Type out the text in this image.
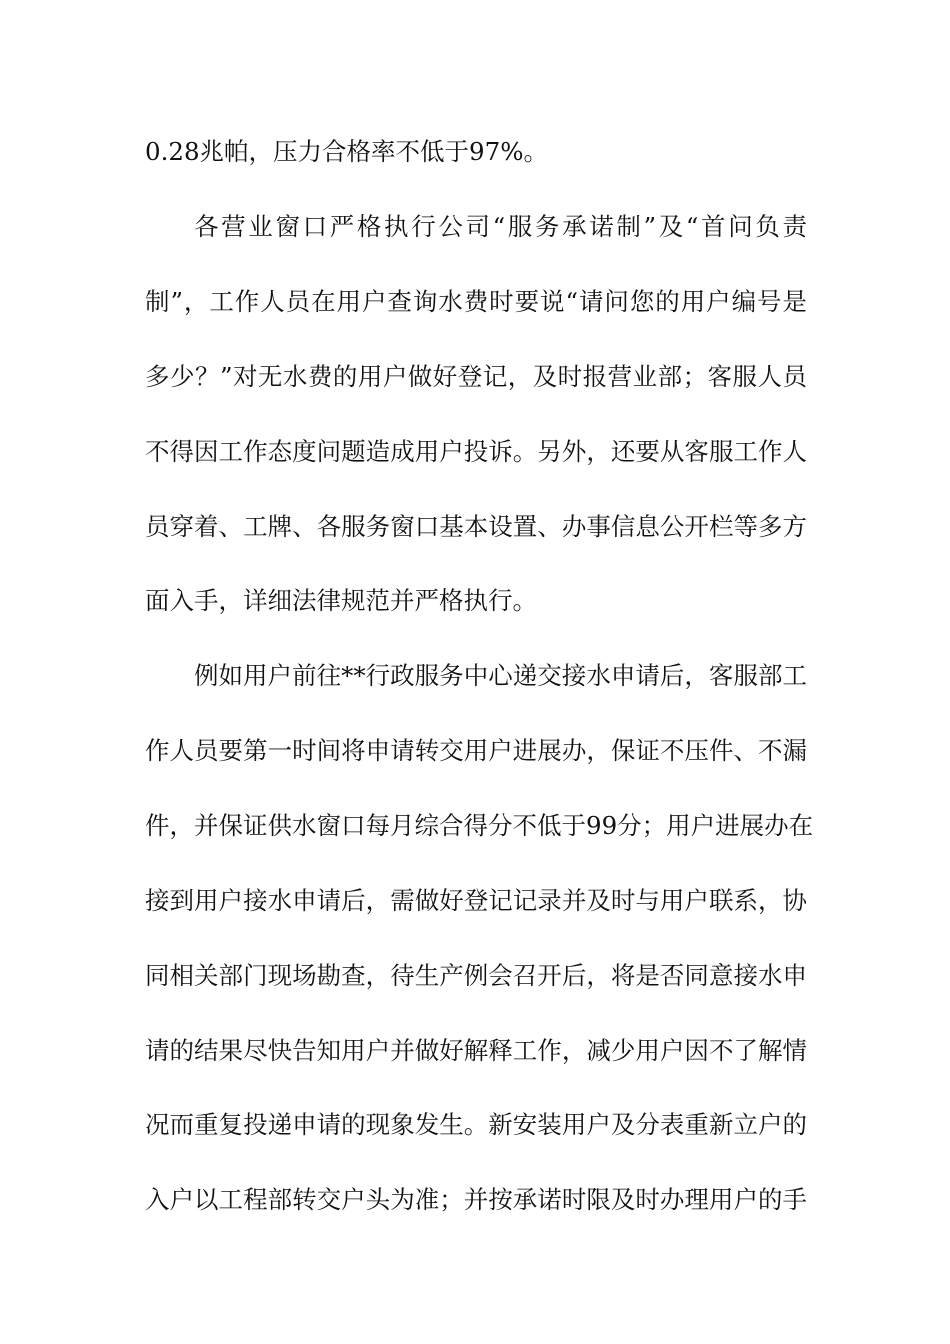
0.28兆帕，压力合格率不低于97%。
各营业窗口严格执行公司“服务承诺制”及“首问负责
制”，工作人员在用户查询水费时要说“请问您的用户编号是
多少？”对无水费的用户做好登记，及时报营业部；客服人员
不得因工作态度问题造成用户投诉。另外，还要从客服工作人
员穿着、工牌、各服务窗口基本设置、办事信息公开栏等多方
面入手，详细法律规范并严格执行。
例如用户前往**行政服务中心递交接水申请后，客服部工
作人员要第一时间将申请转交用户进展办，保证不压件、不漏
件，并保证供水窗口每月综合得分不低于99分；用户进展办在
接到用户接水申请后，需做好登记记录并及时与用户联系，协
同相关部门现场勘查，待生产例会召开后，将是否同意接水申
请的结果尽快告知用户并做好解释工作，减少用户因不了解情
况而重复投递申请的现象发生。新安装用户及分表重新立户的
入户以工程部转交户头为准；并按承诺时限及时办理用户的手
